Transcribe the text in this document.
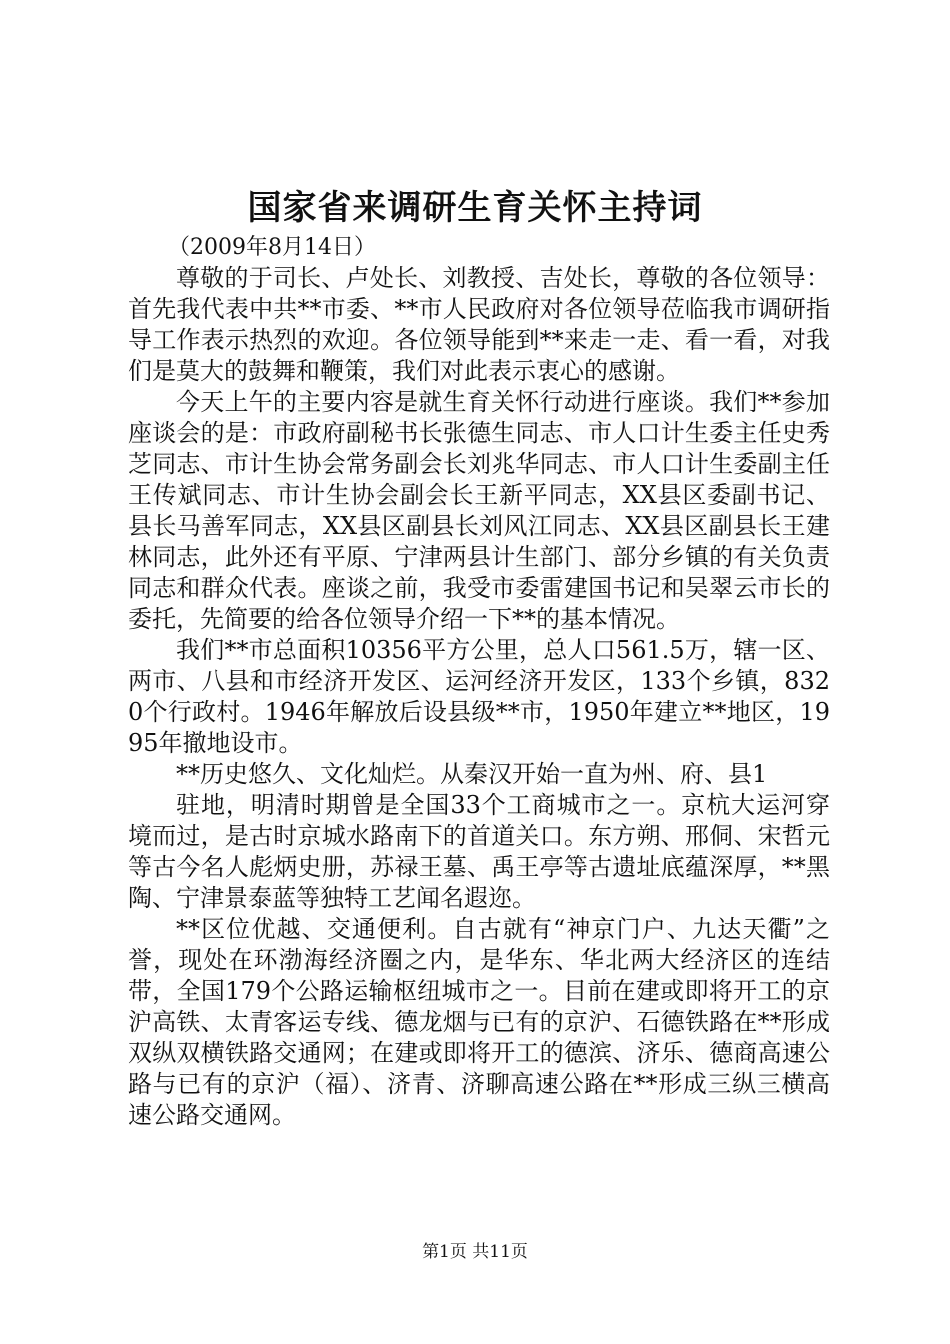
国家省来调研生育关怀主持词

（2009年8月14日）

尊敬的于司长、卢处长、刘教授、吉处长，尊敬的各位领导：首先我代表中共**市委、**市人民政府对各位领导莅临我市调研指导工作表示热烈的欢迎。各位领导能到**来走一走、看一看，对我们是莫大的鼓舞和鞭策，我们对此表示衷心的感谢。

今天上午的主要内容是就生育关怀行动进行座谈。我们**参加座谈会的是：市政府副秘书长张德生同志、市人口计生委主任史秀芝同志、市计生协会常务副会长刘兆华同志、市人口计生委副主任王传斌同志、市计生协会副会长王新平同志，XX县区委副书记、县长马善军同志，XX县区副县长刘风江同志、XX县区副县长王建林同志，此外还有平原、宁津两县计生部门、部分乡镇的有关负责同志和群众代表。座谈之前，我受市委雷建国书记和吴翠云市长的委托，先简要的给各位领导介绍一下**的基本情况。

我们**市总面积10356平方公里，总人口561.5万，辖一区、两市、八县和市经济开发区、运河经济开发区，133个乡镇，8320个行政村。1946年解放后设县级**市，1950年建立**地区，1995年撤地设市。

**历史悠久、文化灿烂。从秦汉开始一直为州、府、县1

驻地，明清时期曾是全国33个工商城市之一。京杭大运河穿境而过，是古时京城水路南下的首道关口。东方朔、邢侗、宋哲元等古今名人彪炳史册，苏禄王墓、禹王亭等古遗址底蕴深厚，**黑陶、宁津景泰蓝等独特工艺闻名遐迩。

**区位优越、交通便利。自古就有“神京门户、九达天衢”之誉，现处在环渤海经济圈之内，是华东、华北两大经济区的连结带，全国179个公路运输枢纽城市之一。目前在建或即将开工的京沪高铁、太青客运专线、德龙烟与已有的京沪、石德铁路在**形成双纵双横铁路交通网；在建或即将开工的德滨、济乐、德商高速公路与已有的京沪（福）、济青、济聊高速公路在**形成三纵三横高速公路交通网。

第1页 共11页
